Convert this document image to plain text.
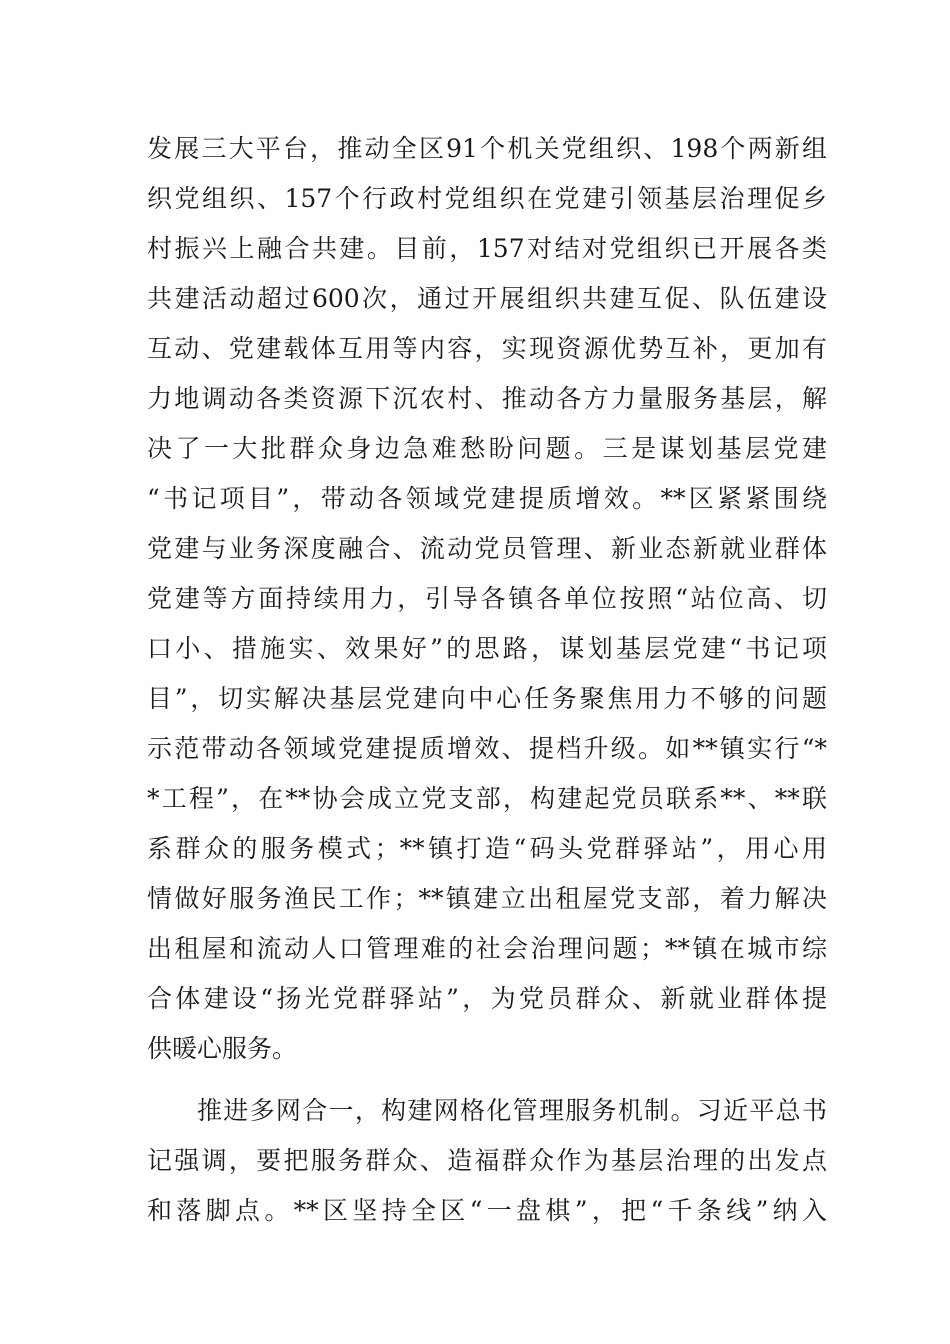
发展三大平台，推动全区91个机关党组织、198个两新组
织党组织、157个行政村党组织在党建引领基层治理促乡
村振兴上融合共建。目前，157对结对党组织已开展各类
共建活动超过600次，通过开展组织共建互促、队伍建设
互动、党建载体互用等内容，实现资源优势互补，更加有
力地调动各类资源下沉农村、推动各方力量服务基层，解
决了一大批群众身边急难愁盼问题。三是谋划基层党建
“书记项目”，带动各领域党建提质增效。**区紧紧围绕
党建与业务深度融合、流动党员管理、新业态新就业群体
党建等方面持续用力，引导各镇各单位按照“站位高、切
口小、措施实、效果好”的思路，谋划基层党建“书记项
目”，切实解决基层党建向中心任务聚焦用力不够的问题
示范带动各领域党建提质增效、提档升级。如**镇实行“*
*工程”，在**协会成立党支部，构建起党员联系**、**联
系群众的服务模式；**镇打造“码头党群驿站”，用心用
情做好服务渔民工作；**镇建立出租屋党支部，着力解决
出租屋和流动人口管理难的社会治理问题；**镇在城市综
合体建设“扬光党群驿站”，为党员群众、新就业群体提
供暖心服务。
推进多网合一，构建网格化管理服务机制。习近平总书
记强调，要把服务群众、造福群众作为基层治理的出发点
和落脚点。**区坚持全区“一盘棋”，把“千条线”纳入
